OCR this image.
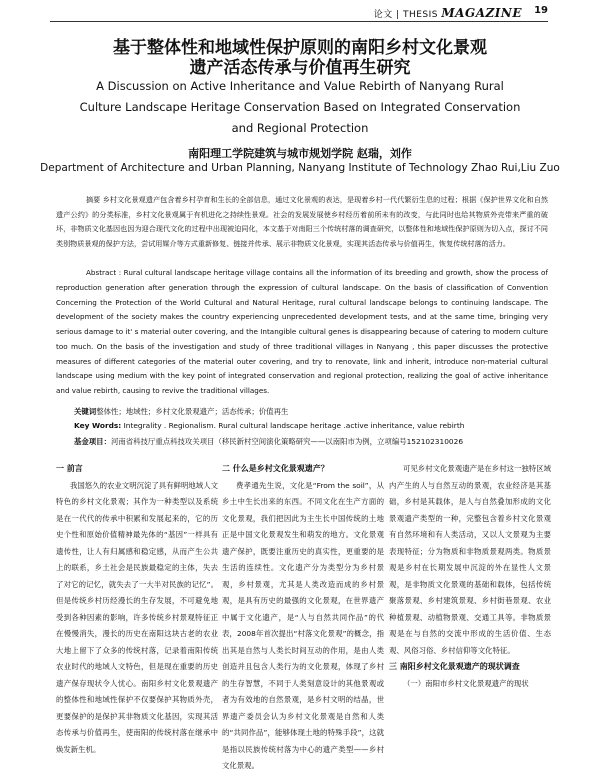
论文 | THESIS MAGAZINE 19
基于整体性和地域性保护原则的南阳乡村文化景观
遗产活态传承与价值再生研究
A Discussion on Active Inheritance and Value Rebirth of Nanyang Rural
Culture Landscape Heritage Conservation Based on Integrated Conservation
and Regional Protection
南阳理工学院建筑与城市规划学院 赵瑞，刘作
Department of Architecture and Urban Planning, Nanyang Institute of Technology Zhao Rui,Liu Zuo
摘要 乡村文化景观遗产包含着乡村孕育和生长的全部信息，通过文化景观的表达，是现着乡村一代代繁衍生息的过程；根据《保护世界文化和自然遗产公约》的分类标准，乡村文化景观属于有机进化之持续性景观。社会的发展发展使乡村经历着前所未有的改变，与此同时也给其物质外壳带来严重的破坏，非物质文化基因也因为迎合现代文化的过程中出现被迫同化，本文基于对南阳三个传统村落的调查研究，以整体性和地域性保护原则为切入点，探讨不同类别物质景观的保护方法，尝试用媒介等方式重新修复、链接并传承、展示非物质文化景观，实现其活态传承与价值再生，恢复传统村落的活力。
Abstract : Rural cultural landscape heritage village contains all the information of its breeding and growth, show the process of reproduction generation after generation through the expression of cultural landscape. On the basis of classification of Convention Concerning the Protection of the World Cultural and Natural Heritage, rural cultural landscape belongs to continuing landscape. The development of the society makes the country experiencing unprecedented development tests, and at the same time, bringing very serious damage to it' s material outer covering, and the Intangible cultural genes is disappearing because of catering to modern culture too much. On the basis of the investigation and study of three traditional villages in Nanyang , this paper discusses the protective measures of different categories of the material outer covering, and try to renovate, link and inherit, introduce non-material cultural landscape using medium with the key point of integrated conservation and regional protection, realizing the goal of active inheritance and value rebirth, causing to revive the traditional villages.
关键词整体性；地域性；乡村文化景观遗产；活态传承；价值再生
Key Words: Integrality . Regionalism. Rural cultural landscape heritage .active inheritance, value rebirth
基金项目：河南省科技厅重点科技攻关项目（移民新村空间演化策略研究——以南阳市为例，立项编号152102310026

一 前言

我国悠久的农业文明沉淀了具有鲜明地域人文特色的乡村文化景观；其作为一种类型以及系统是在一代代的传承中积累和发展起来的，它的历史个性和原始价值精神最先体的“基因”一样具有遗传性，让人有归属感和稳定感，从而产生公共上的联系，乡土社会是民族最稳定的主体，失去了对它的记忆，就失去了一大半对民族的记忆”。但是传统乡村历经漫长的生存发展，不可避免地受到各种因素的影响，许多传统乡村景观特征正在慢慢消失，漫长的历史在南阳这块古老的农业大地上留下了众多的传统村落，记录着南阳传统农业时代的地域人文特色，但是现在重要的历史遗产保存现状令人忧心。南阳乡村文化景观遗产的整体性和地域性保护不仅要保护其物质外壳，更要保护的是保护其非物质文化基因，实现其活态传承与价值再生，使南阳的传统村落在继承中焕发新生机。

二 什么是乡村文化景观遗产？

费孝通先生说，文化是“From the soil”，从乡土中生长出来的东西。不同文化在生产方面的文化景观，我们把因此为主生长中国传统的土地正是中国文化景观发生和萌发的地方。文化景观遗产保护，既要注重历史的真实性，更重要的是生活的连续性。文化遗产分为类型分为乡村景观，乡村景观，尤其是人类改造而成的乡村景观，是具有历史的最强的文化景观，在世界遗产中属于文化遗产，是“人与自然共同作品”的代表，2008年首次提出“村落文化景观”的概念，指出其是自然与人类长时间互动的作用，是由人类创造并且包含人类行为的文化景观，体现了乡村的生存智慧，不同于人类刻意设计的其他景观或者为有效地的自然景观，是乡村文明的结晶，世界遗产委员会认为乡村文化景观是自然和人类的“共同作品”，能够体现土地的特殊手段”，这就是指以民族传统村落为中心的遗产类型——乡村文化景观。

可见乡村文化景观遗产是在乡村这一独特区域内产生的人与自然互动的景观，农业经济是其基础，乡村是其载体，是人与自然叠加形成的文化景观遗产类型的一种，完整包含着乡村文化景观有自然环境和有人类活动，又以人文景观为主要表现特征；分为物质和非物质景观两类。物质景观是乡村在长期发展中沉淀的外在显性人文景观，是非物质文化景观的基础和载体，包括传统聚落景观、乡村建筑景观、乡村街巷景观、农业种植景观、动植物景观、交通工具等。非物质景观是在与自然的交流中形成的生活价值、生态观、风俗习俗、乡村信仰等文化特征。

三 南阳乡村文化景观遗产的现状调查

（一）南阳市乡村文化景观遗产的现状
